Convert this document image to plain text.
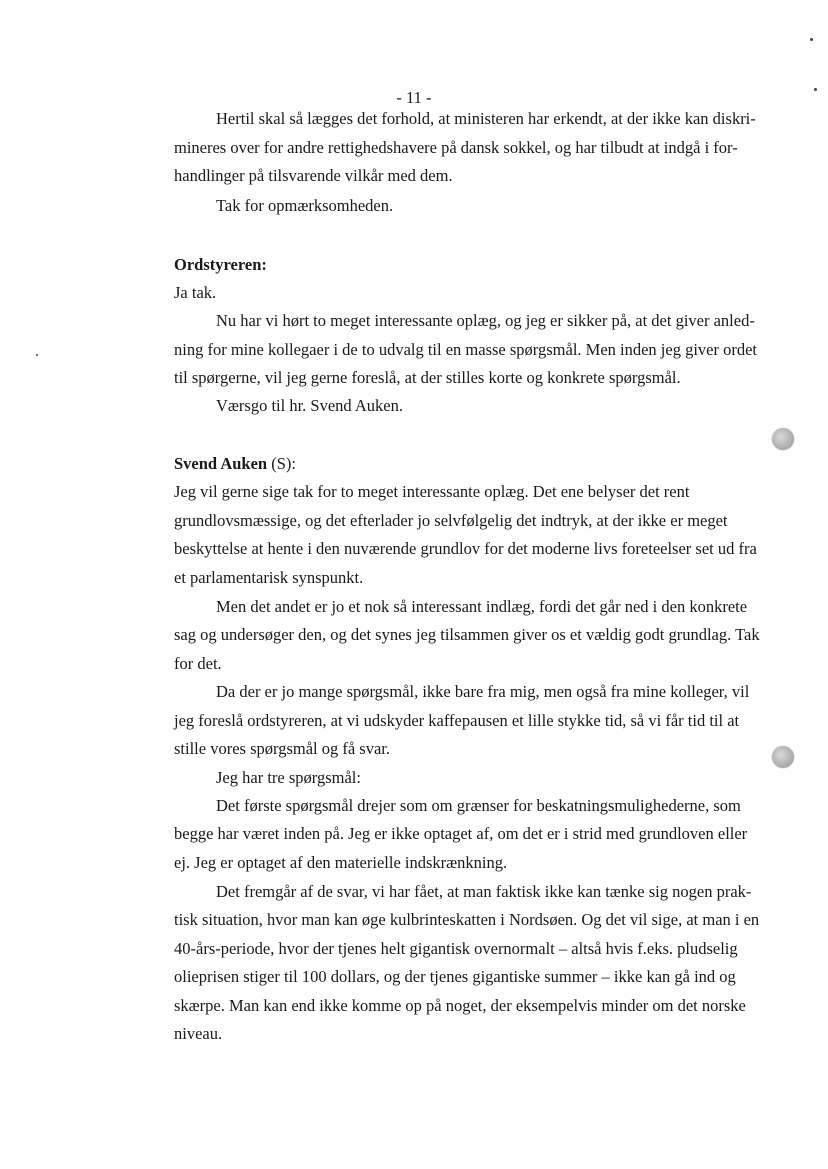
- 11 -
Hertil skal så lægges det forhold, at ministeren har erkendt, at der ikke kan diskri-
mineres over for andre rettighedshavere på dansk sokkel, og har tilbudt at indgå i for-
handlinger på tilsvarende vilkår med dem.
Tak for opmærksomheden.
Ordstyreren:
Ja tak.
Nu har vi hørt to meget interessante oplæg, og jeg er sikker på, at det giver anled-
ning for mine kollegaer i de to udvalg til en masse spørgsmål. Men inden jeg giver ordet
til spørgerne, vil jeg gerne foreslå, at der stilles korte og konkrete spørgsmål.
Værsgo til hr. Svend Auken.
Svend Auken (S):
Jeg vil gerne sige tak for to meget interessante oplæg. Det ene belyser det rent
grundlovsmæssige, og det efterlader jo selvfølgelig det indtryk, at der ikke er meget
beskyttelse at hente i den nuværende grundlov for det moderne livs foreteelser set ud fra
et parlamentarisk synspunkt.
Men det andet er jo et nok så interessant indlæg, fordi det går ned i den konkrete
sag og undersøger den, og det synes jeg tilsammen giver os et vældig godt grundlag. Tak
for det.
Da der er jo mange spørgsmål, ikke bare fra mig, men også fra mine kolleger, vil
jeg foreslå ordstyreren, at vi udskyder kaffepausen et lille stykke tid, så vi får tid til at
stille vores spørgsmål og få svar.
Jeg har tre spørgsmål:
Det første spørgsmål drejer som om grænser for beskatningsmulighederne, som
begge har været inden på. Jeg er ikke optaget af, om det er i strid med grundloven eller
ej. Jeg er optaget af den materielle indskrænkning.
Det fremgår af de svar, vi har fået, at man faktisk ikke kan tænke sig nogen prak-
tisk situation, hvor man kan øge kulbrinteskatten i Nordsøen. Og det vil sige, at man i en
40-års-periode, hvor der tjenes helt gigantisk overnormalt – altså hvis f.eks. pludselig
olieprisen stiger til 100 dollars, og der tjenes gigantiske summer – ikke kan gå ind og
skærpe. Man kan end ikke komme op på noget, der eksempelvis minder om det norske
niveau.
